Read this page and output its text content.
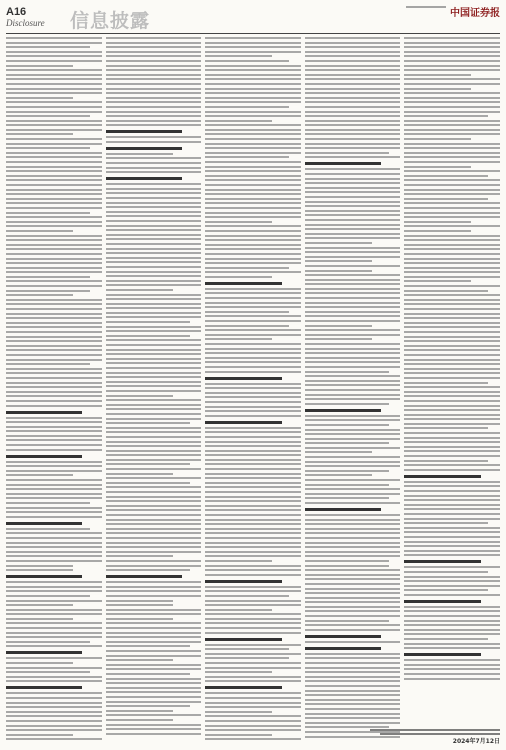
A16
Disclosure 信息披露	中国证券报
2024年7月12日
